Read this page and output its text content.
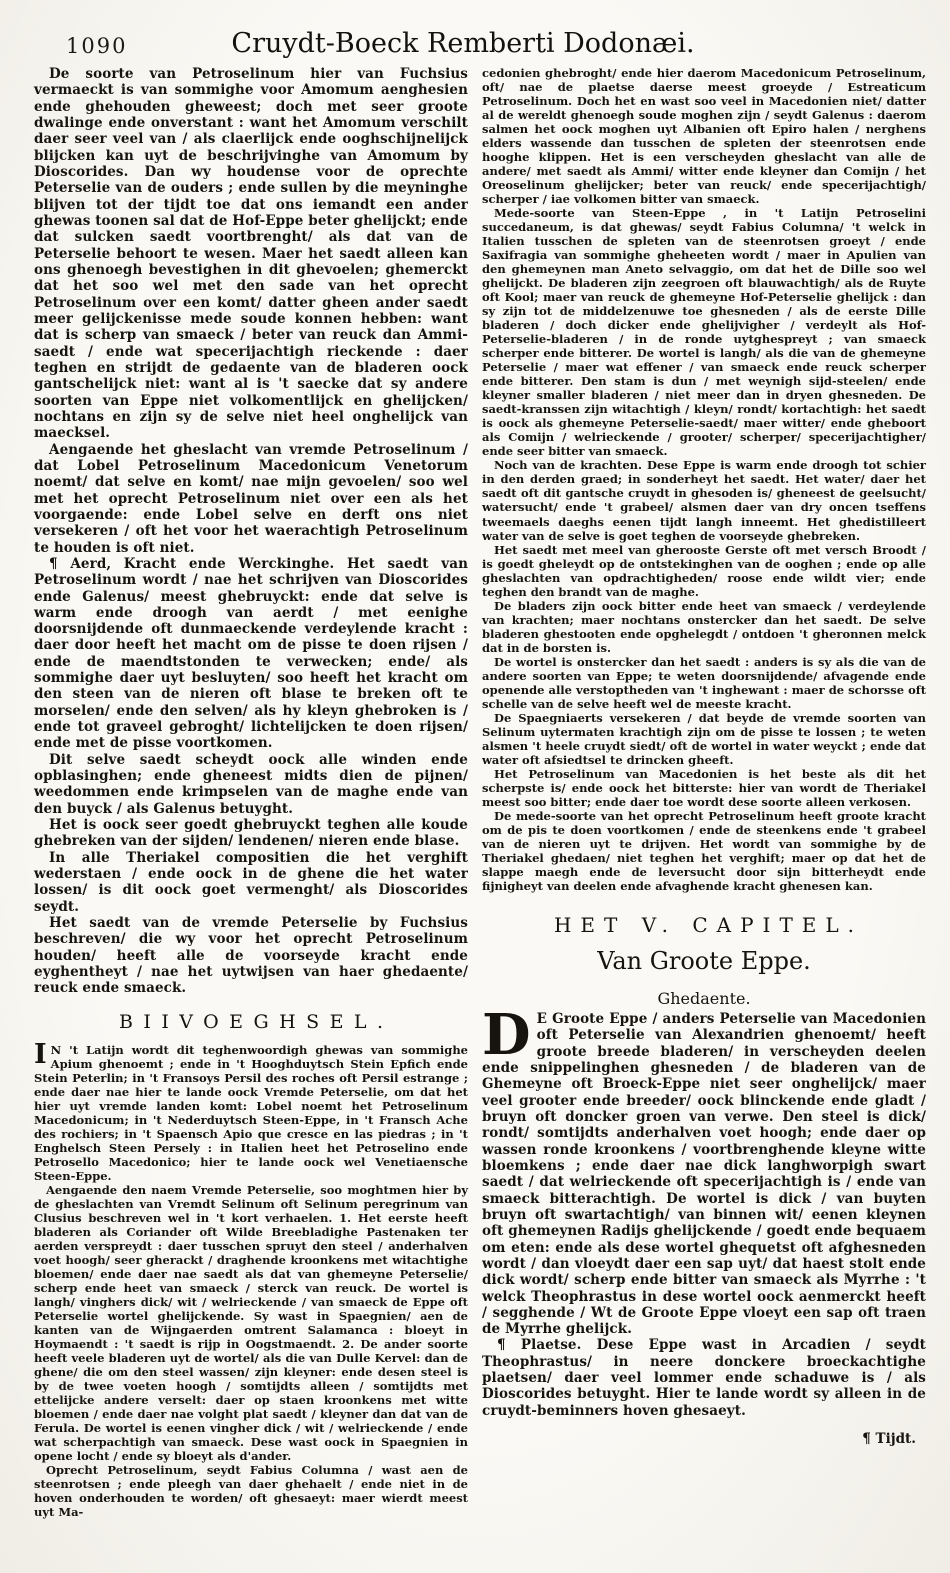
1090	Cruydt-Boeck Remberti Dodonæi.

De soorte van Petroselinum hier van Fuchsius vermaeckt is van sommighe voor Amomum aenghesien ende ghehouden gheweest; doch met seer groote dwalinge ende onverstant : want het Amomum verschilt daer seer veel van / als claerlijck ende ooghschijnelijck blijcken kan uyt de beschrijvinghe van Amomum by Dioscorides. Dan wy houdense voor de oprechte Peterselie van de ouders ; ende sullen by die meyninghe blijven tot der tijdt toe dat ons iemandt een ander ghewas toonen sal dat de Hof-Eppe beter ghelijckt; ende dat sulcken saedt voortbrenght/ als dat van de Peterselie behoort te wesen. Maer het saedt alleen kan ons ghenoegh bevestighen in dit ghevoelen; ghemerckt dat het soo wel met den sade van het oprecht Petroselinum over een komt/ datter gheen ander saedt meer gelijckenisse mede soude konnen hebben: want dat is scherp van smaeck / beter van reuck dan Ammi-saedt / ende wat specerijachtigh rieckende : daer teghen en strijdt de gedaente van de bladeren oock gantschelijck niet: want al is 't saecke dat sy andere soorten van Eppe niet volkomentlijck en ghelijcken/ nochtans en zijn sy de selve niet heel onghelijck van maecksel.

Aengaende het gheslacht van vremde Petroselinum / dat Lobel Petroselinum Macedonicum Venetorum noemt/ dat selve en komt/ nae mijn gevoelen/ soo wel met het oprecht Petroselinum niet over een als het voorgaende: ende Lobel selve en derft ons niet versekeren / oft het voor het waerachtigh Petroselinum te houden is oft niet.

¶ Aerd, Kracht ende Werckinghe. Het saedt van Petroselinum wordt / nae het schrijven van Dioscorides ende Galenus/ meest ghebruyckt: ende dat selve is warm ende droogh van aerdt / met eenighe doorsnijdende oft dunmaeckende verdeylende kracht : daer door heeft het macht om de pisse te doen rijsen / ende de maendtstonden te verwecken; ende/ als sommighe daer uyt besluyten/ soo heeft het kracht om den steen van de nieren oft blase te breken oft te morselen/ ende den selven/ als hy kleyn ghebroken is / ende tot graveel gebroght/ lichtelijcken te doen rijsen/ ende met de pisse voortkomen.

Dit selve saedt scheydt oock alle winden ende opblasinghen; ende gheneest midts dien de pijnen/ weedommen ende krimpselen van de maghe ende van den buyck / als Galenus betuyght.

Het is oock seer goedt ghebruyckt teghen alle koude ghebreken van der sijden/ lendenen/ nieren ende blase.

In alle Theriakel compositien die het verghift wederstaen / ende oock in de ghene die het water lossen/ is dit oock goet vermenght/ als Dioscorides seydt.

Het saedt van de vremde Peterselie by Fuchsius beschreven/ die wy voor het oprecht Petroselinum houden/ heeft alle de voorseyde kracht ende eyghentheyt / nae het uytwijsen van haer ghedaente/ reuck ende smaeck.

BIIVOEGHSEL.

I N 't Latijn wordt dit teghenwoordigh ghewas van sommighe Apium ghenoemt ; ende in 't Hooghduytsch Stein Epfich ende Stein Peterlin; in 't Fransoys Persil des roches oft Persil estrange ; ende daer nae hier te lande oock Vremde Peterselie, om dat het hier uyt vremde landen komt: Lobel noemt het Petroselinum Macedonicum; in 't Nederduytsch Steen-Eppe, in 't Fransch Ache des rochiers; in 't Spaensch Apio que cresce en las piedras ; in 't Enghelsch Steen Persely : in Italien heet het Petroselino ende Petrosello Macedonico; hier te lande oock wel Venetiaensche Steen-Eppe.

Aengaende den naem Vremde Peterselie, soo moghtmen hier by de gheslachten van Vremdt Selinum oft Selinum peregrinum van Clusius beschreven wel in 't kort verhaelen. 1. Het eerste heeft bladeren als Coriander oft Wilde Breebladighe Pastenaken ter aerden verspreydt : daer tusschen spruyt den steel / anderhalven voet hoogh/ seer gherackt / draghende kroonkens met witachtighe bloemen/ ende daer nae saedt als dat van ghemeyne Peterselie/ scherp ende heet van smaeck / sterck van reuck. De wortel is langh/ vinghers dick/ wit / welrieckende / van smaeck de Eppe oft Peterselie wortel ghelijckende. Sy wast in Spaegnien/ aen de kanten van de Wijngaerden omtrent Salamanca : bloeyt in Hoymaendt : 't saedt is rijp in Oogstmaendt. 2. De ander soorte heeft veele bladeren uyt de wortel/ als die van Dulle Kervel: dan de ghene/ die om den steel wassen/ zijn kleyner: ende desen steel is by de twee voeten hoogh / somtijdts alleen / somtijdts met ettelijcke andere verselt: daer op staen kroonkens met witte bloemen / ende daer nae volght plat saedt / kleyner dan dat van de Ferula. De wortel is eenen vingher dick / wit / welrieckende / ende wat scherpachtigh van smaeck. Dese wast oock in Spaegnien in opene locht / ende sy bloeyt als d'ander.

Oprecht Petroselinum, seydt Fabius Columna / wast aen de steenrotsen ; ende pleegh van daer ghehaelt / ende niet in de hoven onderhouden te worden/ oft ghesaeyt: maer wierdt meest uyt Ma-

cedonien ghebroght/ ende hier daerom Macedonicum Petroselinum, oft/ nae de plaetse daerse meest groeyde / Estreaticum Petroselinum. Doch het en wast soo veel in Macedonien niet/ datter al de wereldt ghenoegh soude moghen zijn / seydt Galenus : daerom salmen het oock moghen uyt Albanien oft Epiro halen / nerghens elders wassende dan tusschen de spleten der steenrotsen ende hooghe klippen. Het is een verscheyden gheslacht van alle de andere/ met saedt als Ammi/ witter ende kleyner dan Comijn / het Oreoselinum ghelijcker; beter van reuck/ ende specerijachtigh/ scherper / iae volkomen bitter van smaeck.

Mede-soorte van Steen-Eppe , in 't Latijn Petroselini succedaneum, is dat ghewas/ seydt Fabius Columna/ 't welck in Italien tusschen de spleten van de steenrotsen groeyt / ende Saxifragia van sommighe gheheeten wordt / maer in Apulien van den ghemeynen man Aneto selvaggio, om dat het de Dille soo wel ghelijckt. De bladeren zijn zeegroen oft blauwachtigh/ als de Ruyte oft Kool; maer van reuck de ghemeyne Hof-Peterselie ghelijck : dan sy zijn tot de middelzenuwe toe ghesneden / als de eerste Dille bladeren / doch dicker ende ghelijvigher / verdeylt als Hof-Peterselie-bladeren / in de ronde uytghespreyt ; van smaeck scherper ende bitterer. De wortel is langh/ als die van de ghemeyne Peterselie / maer wat effener / van smaeck ende reuck scherper ende bitterer. Den stam is dun / met weynigh sijd-steelen/ ende kleyner smaller bladeren / niet meer dan in dryen ghesneden. De saedt-kranssen zijn witachtigh / kleyn/ rondt/ kortachtigh: het saedt is oock als ghemeyne Peterselie-saedt/ maer witter/ ende gheboort als Comijn / welrieckende / grooter/ scherper/ specerijachtigher/ ende seer bitter van smaeck.

Noch van de krachten. Dese Eppe is warm ende droogh tot schier in den derden graed; in sonderheyt het saedt. Het water/ daer het saedt oft dit gantsche cruydt in ghesoden is/ gheneest de geelsucht/ watersucht/ ende 't grabeel/ alsmen daer van dry oncen tseffens tweemaels daeghs eenen tijdt langh inneemt. Het ghedistilleert water van de selve is goet teghen de voorseyde ghebreken.

Het saedt met meel van gherooste Gerste oft met versch Broodt / is goedt gheleydt op de ontstekinghen van de ooghen ; ende op alle gheslachten van opdrachtigheden/ roose ende wildt vier; ende teghen den brandt van de maghe.

De bladers zijn oock bitter ende heet van smaeck / verdeylende van krachten; maer nochtans onstercker dan het saedt. De selve bladeren ghestooten ende opghelegdt / ontdoen 't gheronnen melck dat in de borsten is.

De wortel is onstercker dan het saedt : anders is sy als die van de andere soorten van Eppe; te weten doorsnijdende/ afvagende ende openende alle verstoptheden van 't inghewant : maer de schorsse oft schelle van de selve heeft wel de meeste kracht.

De Spaegniaerts versekeren / dat beyde de vremde soorten van Selinum uytermaten krachtigh zijn om de pisse te lossen ; te weten alsmen 't heele cruydt siedt/ oft de wortel in water weyckt ; ende dat water oft afsiedtsel te drincken gheeft.

Het Petroselinum van Macedonien is het beste als dit het scherpste is/ ende oock het bitterste: hier van wordt de Theriakel meest soo bitter; ende daer toe wordt dese soorte alleen verkosen.

De mede-soorte van het oprecht Petroselinum heeft groote kracht om de pis te doen voortkomen / ende de steenkens ende 't grabeel van de nieren uyt te drijven. Het wordt van sommighe by de Theriakel ghedaen/ niet teghen het verghift; maer op dat het de slappe maegh ende de leversucht door sijn bitterheydt ende fijnigheyt van deelen ende afvaghende kracht ghenesen kan.

HET V. CAPITEL.
Van Groote Eppe.
Ghedaente.

D E Groote Eppe / anders Peterselie van Macedonien oft Peterselie van Alexandrien ghenoemt/ heeft groote breede bladeren/ in verscheyden deelen ende snippelinghen ghesneden / de bladeren van de Ghemeyne oft Broeck-Eppe niet seer onghelijck/ maer veel grooter ende breeder/ oock blinckende ende gladt / bruyn oft doncker groen van verwe. Den steel is dick/ rondt/ somtijdts anderhalven voet hoogh; ende daer op wassen ronde kroonkens / voortbrenghende kleyne witte bloemkens ; ende daer nae dick langhworpigh swart saedt / dat welrieckende oft specerijachtigh is / ende van smaeck bitterachtigh. De wortel is dick / van buyten bruyn oft swartachtigh/ van binnen wit/ eenen kleynen oft ghemeynen Radijs ghelijckende / goedt ende bequaem om eten: ende als dese wortel ghequetst oft afghesneden wordt / dan vloeydt daer een sap uyt/ dat haest stolt ende dick wordt/ scherp ende bitter van smaeck als Myrrhe : 't welck Theophrastus in dese wortel oock aenmerckt heeft / segghende / Wt de Groote Eppe vloeyt een sap oft traen de Myrrhe ghelijck.

¶ Plaetse. Dese Eppe wast in Arcadien / seydt Theophrastus/ in neere donckere broeckachtighe plaetsen/ daer veel lommer ende schaduwe is / als Dioscorides betuyght. Hier te lande wordt sy alleen in de cruydt-beminners hoven ghesaeyt.

¶ Tijdt.
